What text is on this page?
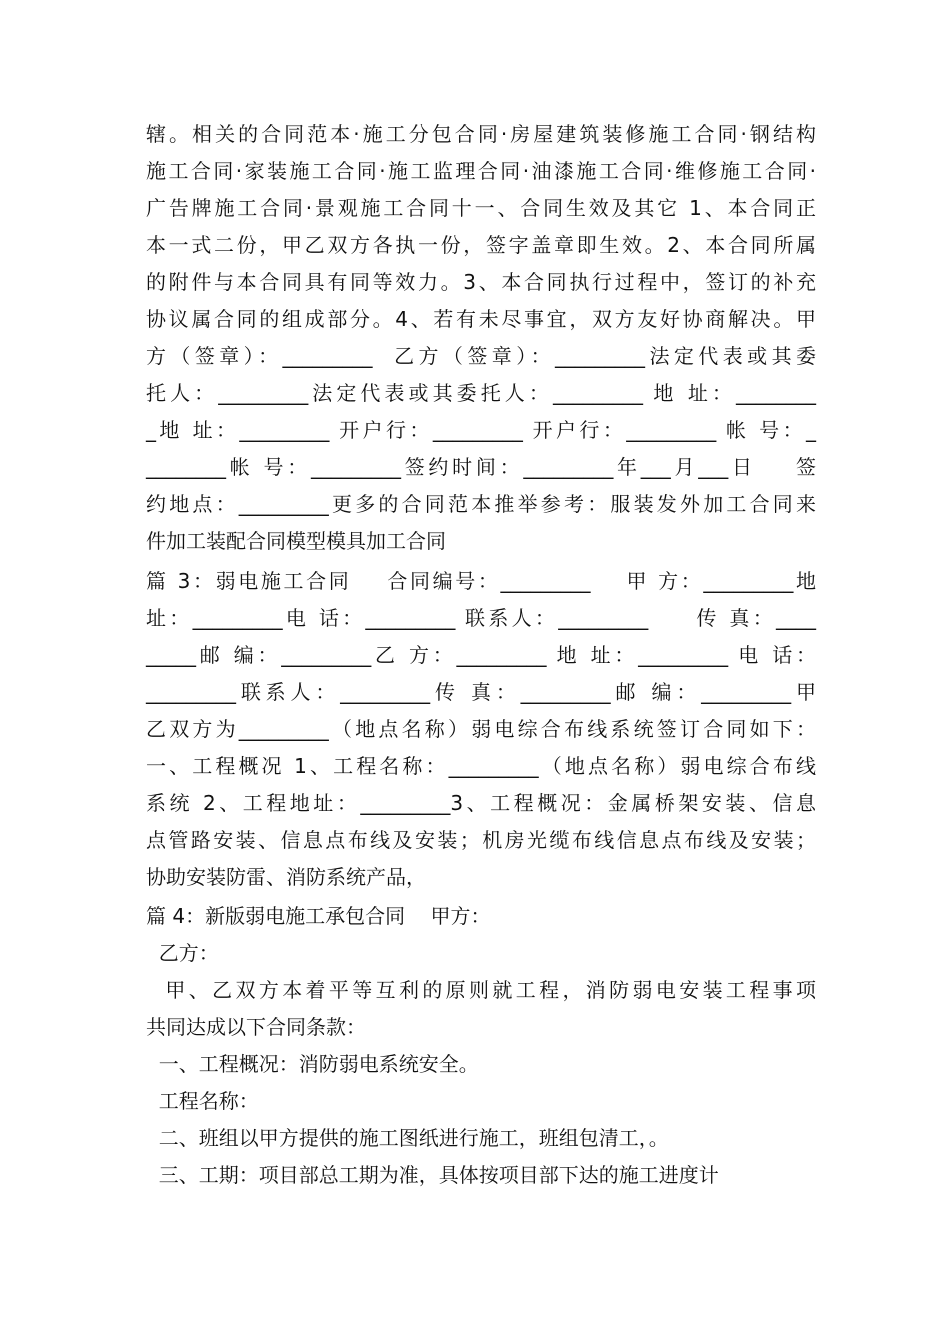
辖。相关的合同范本·施工分包合同·房屋建筑装修施工合同·钢结构
施工合同·家装施工合同·施工监理合同·油漆施工合同·维修施工合同·
广告牌施工合同·景观施工合同十一、合同生效及其它 1、本合同正
本一式二份，甲乙双方各执一份，签字盖章即生效。2、本合同所属
的附件与本合同具有同等效力。3、本合同执行过程中，签订的补充
协议属合同的组成部分。4、若有未尽事宜，双方友好协商解决。甲
方（签章）：_________  乙方（签章）：_________法定代表或其委
托人：_________法定代表或其委托人：_________ 地 址：________
_地 址：_________ 开户行：_________ 开户行：_________ 帐 号：_
________帐 号：_________签约时间：_________年___月___日    签
约地点：_________更多的合同范本推举参考：服装发外加工合同来
件加工装配合同模型模具加工合同
篇 3：弱电施工合同    合同编号：_________    甲 方：_________地
址：_________电 话：_________ 联系人：_________     传 真：____
_____邮 编：_________乙 方：_________ 地 址：_________ 电 话：
_________联系人：_________传 真：_________邮 编：_________甲
乙双方为_________（地点名称）弱电综合布线系统签订合同如下：
一、工程概况 1、工程名称：_________（地点名称）弱电综合布线
系统 2、工程地址：_________3、工程概况：金属桥架安装、信息
点管路安装、信息点布线及安装；机房光缆布线信息点布线及安装；
协助安装防雷、消防系统产品，
篇 4：新版弱电施工承包合同    甲方：
乙方：
甲、乙双方本着平等互利的原则就工程，消防弱电安装工程事项
共同达成以下合同条款：
一、工程概况：消防弱电系统安全。
工程名称：
二、班组以甲方提供的施工图纸进行施工，班组包清工，。
三、工期：项目部总工期为准，具体按项目部下达的施工进度计
